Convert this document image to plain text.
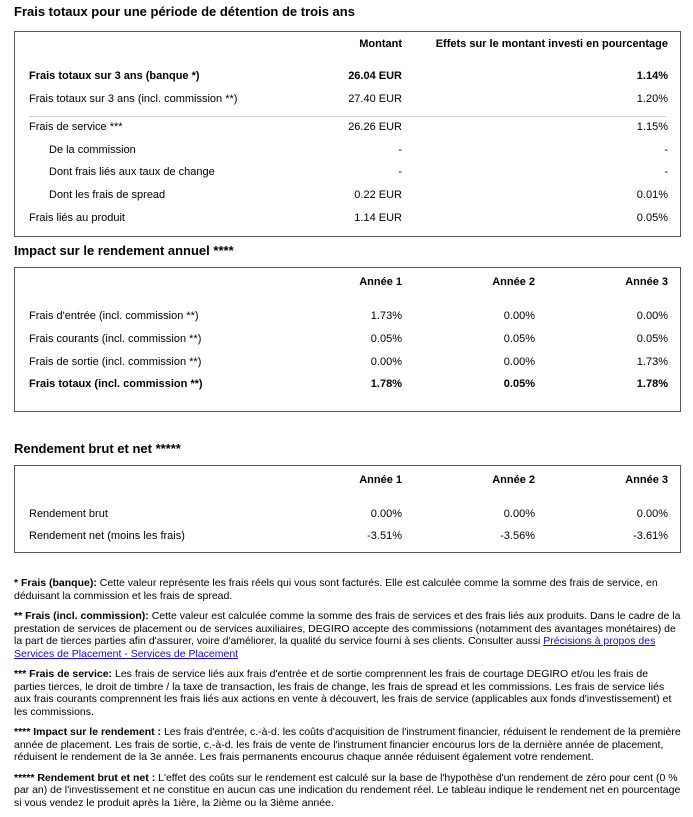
Frais totaux pour une période de détention de trois ans
Montant	Effets sur le montant investi en pourcentage
Frais totaux sur 3 ans (banque *)	26.04 EUR	1.14%
Frais totaux sur 3 ans (incl. commission **)	27.40 EUR	1.20%
Frais de service ***	26.26 EUR	1.15%
De la commission	-	-
Dont frais liés aux taux de change	-	-
Dont les frais de spread	0.22 EUR	0.01%
Frais liés au produit	1.14 EUR	0.05%
Impact sur le rendement annuel ****
Année 1	Année 2	Année 3
Frais d'entrée (incl. commission **)	1.73%	0.00%	0.00%
Frais courants (incl. commission **)	0.05%	0.05%	0.05%
Frais de sortie (incl. commission **)	0.00%	0.00%	1.73%
Frais totaux (incl. commission **)	1.78%	0.05%	1.78%
Rendement brut et net *****
Année 1	Année 2	Année 3
Rendement brut	0.00%	0.00%	0.00%
Rendement net (moins les frais)	-3.51%	-3.56%	-3.61%

* Frais (banque): Cette valeur représente les frais réels qui vous sont facturés. Elle est calculée comme la somme des frais de service, en déduisant la commission et les frais de spread.

** Frais (incl. commission): Cette valeur est calculée comme la somme des frais de services et des frais liés aux produits. Dans le cadre de la prestation de services de placement ou de services auxiliaires, DEGIRO accepte des commissions (notamment des avantages monétaires) de la part de tierces parties afin d'assurer, voire d'améliorer, la qualité du service fourni à ses clients. Consulter aussi Précisions à propos des Services de Placement - Services de Placement

*** Frais de service: Les frais de service liés aux frais d'entrée et de sortie comprennent les frais de courtage DEGIRO et/ou les frais de parties tierces, le droit de timbre / la taxe de transaction, les frais de change, les frais de spread et les commissions. Les frais de service liés aux frais courants comprennent les frais liés aux actions en vente à découvert, les frais de service (applicables aux fonds d'investissement) et les commissions.

**** Impact sur le rendement : Les frais d'entrée, c.-à-d. les coûts d'acquisition de l'instrument financier, réduisent le rendement de la première année de placement. Les frais de sortie, c.-à-d. les frais de vente de l'instrument financier encourus lors de la dernière année de placement, réduisent le rendement de la 3e année. Les frais permanents encourus chaque année réduisent également votre rendement.

***** Rendement brut et net : L'effet des coûts sur le rendement est calculé sur la base de l'hypothèse d'un rendement de zéro pour cent (0 % par an) de l'investissement et ne constitue en aucun cas une indication du rendement réel. Le tableau indique le rendement net en pourcentage si vous vendez le produit après la 1ière, la 2ième ou la 3ième année.
